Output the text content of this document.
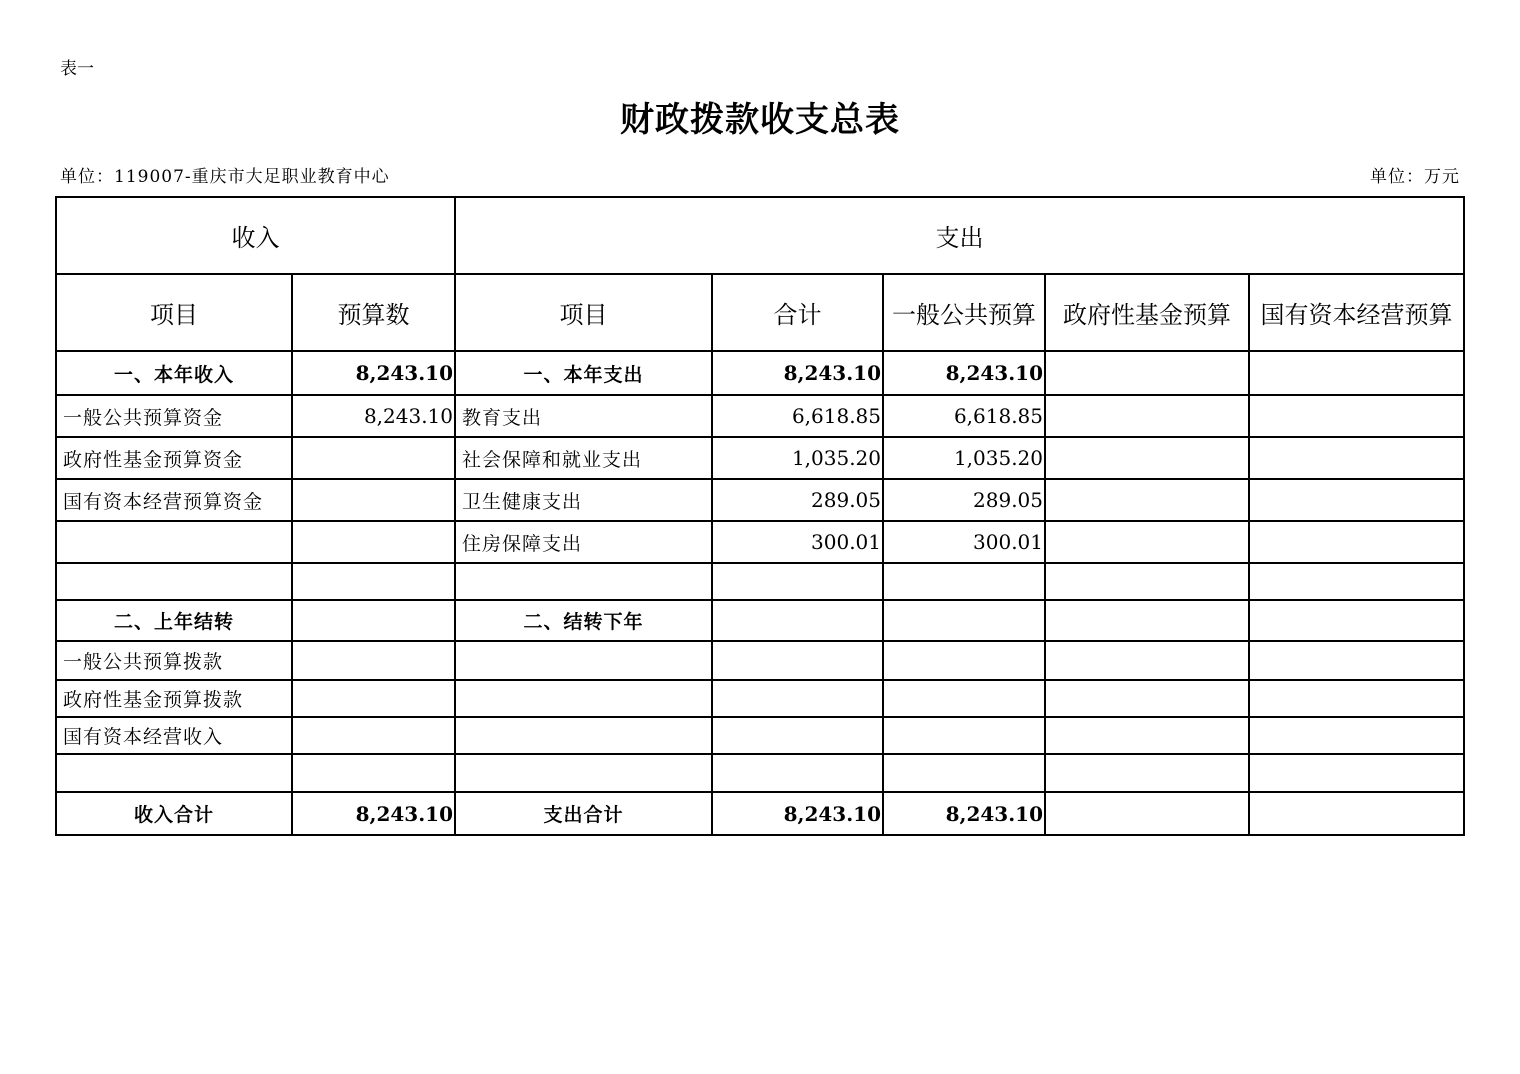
表一
财政拨款收支总表
单位：119007-重庆市大足职业教育中心	单位：万元
收入		支出				
项目	预算数	项目	合计	一般公共预算	政府性基金预算	国有资本经营预算
一、本年收入	8,243.10	一、本年支出	8,243.10	8,243.10		
一般公共预算资金	8,243.10	教育支出	6,618.85	6,618.85		
政府性基金预算资金		社会保障和就业支出	1,035.20	1,035.20		
国有资本经营预算资金		卫生健康支出	289.05	289.05		
		住房保障支出	300.01	300.01		

二、上年结转		二、结转下年				
一般公共预算拨款						
政府性基金预算拨款						
国有资本经营收入						

收入合计	8,243.10	支出合计	8,243.10	8,243.10		
